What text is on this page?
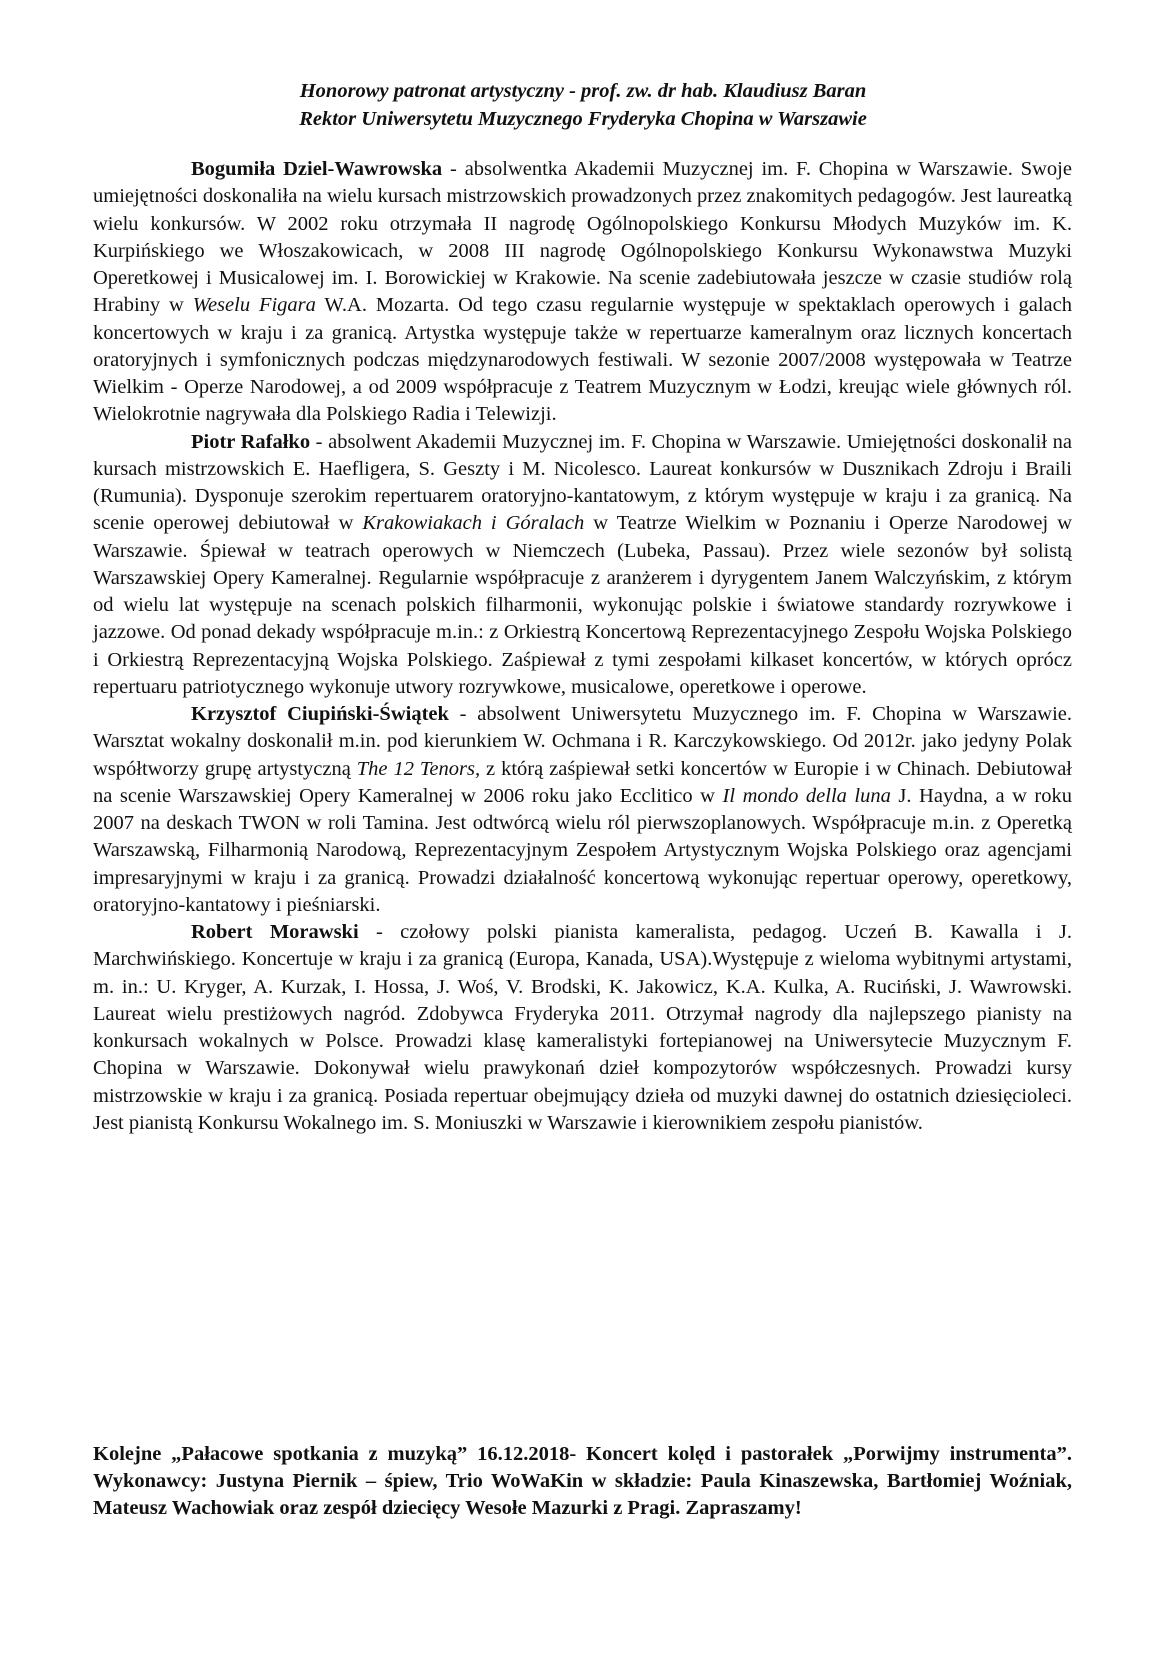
Honorowy patronat artystyczny - prof. zw. dr hab. Klaudiusz Baran
Rektor Uniwersytetu Muzycznego Fryderyka Chopina w Warszawie

Bogumiła Dziel-Wawrowska - absolwentka Akademii Muzycznej im. F. Chopina w Warszawie. Swoje umiejętności doskonaliła na wielu kursach mistrzowskich prowadzonych przez znakomitych pedagogów. Jest laureatką wielu konkursów. W 2002 roku otrzymała II nagrodę Ogólnopolskiego Konkursu Młodych Muzyków im. K. Kurpińskiego we Włoszakowicach, w 2008 III nagrodę Ogólnopolskiego Konkursu Wykonawstwa Muzyki Operetkowej i Musicalowej im. I. Borowickiej w Krakowie. Na scenie zadebiutowała jeszcze w czasie studiów rolą Hrabiny w Weselu Figara W.A. Mozarta. Od tego czasu regularnie występuje w spektaklach operowych i galach koncertowych w kraju i za granicą. Artystka występuje także w repertuarze kameralnym oraz licznych koncertach oratoryjnych i symfonicznych podczas międzynarodowych festiwali. W sezonie 2007/2008 występowała w Teatrze Wielkim - Operze Narodowej, a od 2009 współpracuje z Teatrem Muzycznym w Łodzi, kreując wiele głównych ról. Wielokrotnie nagrywała dla Polskiego Radia i Telewizji.

Piotr Rafałko - absolwent Akademii Muzycznej im. F. Chopina w Warszawie. Umiejętności doskonalił na kursach mistrzowskich E. Haefligera, S. Geszty i M. Nicolesco. Laureat konkursów w Dusznikach Zdroju i Braili (Rumunia). Dysponuje szerokim repertuarem oratoryjno-kantatowym, z którym występuje w kraju i za granicą. Na scenie operowej debiutował w Krakowiakach i Góralach w Teatrze Wielkim w Poznaniu i Operze Narodowej w Warszawie. Śpiewał w teatrach operowych w Niemczech (Lubeka, Passau). Przez wiele sezonów był solistą Warszawskiej Opery Kameralnej. Regularnie współpracuje z aranżerem i dyrygentem Janem Walczyńskim, z którym od wielu lat występuje na scenach polskich filharmonii, wykonując polskie i światowe standardy rozrywkowe i jazzowe. Od ponad dekady współpracuje m.in.: z Orkiestrą Koncertową Reprezentacyjnego Zespołu Wojska Polskiego i Orkiestrą Reprezentacyjną Wojska Polskiego. Zaśpiewał z tymi zespołami kilkaset koncertów, w których oprócz repertuaru patriotycznego wykonuje utwory rozrywkowe, musicalowe, operetkowe i operowe.

Krzysztof Ciupiński-Świątek - absolwent Uniwersytetu Muzycznego im. F. Chopina w Warszawie. Warsztat wokalny doskonalił m.in. pod kierunkiem W. Ochmana i R. Karczykowskiego. Od 2012r. jako jedyny Polak współtworzy grupę artystyczną The 12 Tenors, z którą zaśpiewał setki koncertów w Europie i w Chinach. Debiutował na scenie Warszawskiej Opery Kameralnej w 2006 roku jako Ecclitico w Il mondo della luna J. Haydna, a w roku 2007 na deskach TWON w roli Tamina. Jest odtwórcą wielu ról pierwszoplanowych. Współpracuje m.in. z Operetką Warszawską, Filharmonią Narodową, Reprezentacyjnym Zespołem Artystycznym Wojska Polskiego oraz agencjami impresaryjnymi w kraju i za granicą. Prowadzi działalność koncertową wykonując repertuar operowy, operetkowy, oratoryjno-kantatowy i pieśniarski.

Robert Morawski - czołowy polski pianista kameralista, pedagog. Uczeń B. Kawalla i J. Marchwińskiego. Koncertuje w kraju i za granicą (Europa, Kanada, USA).Występuje z wieloma wybitnymi artystami, m. in.: U. Kryger, A. Kurzak, I. Hossa, J. Woś, V. Brodski, K. Jakowicz, K.A. Kulka, A. Ruciński, J. Wawrowski. Laureat wielu prestiżowych nagród. Zdobywca Fryderyka 2011. Otrzymał nagrody dla najlepszego pianisty na konkursach wokalnych w Polsce. Prowadzi klasę kameralistyki fortepianowej na Uniwersytecie Muzycznym F. Chopina w Warszawie. Dokonywał wielu prawykonań dzieł kompozytorów współczesnych. Prowadzi kursy mistrzowskie w kraju i za granicą. Posiada repertuar obejmujący dzieła od muzyki dawnej do ostatnich dziesięcioleci. Jest pianistą Konkursu Wokalnego im. S. Moniuszki w Warszawie i kierownikiem zespołu pianistów.

Kolejne „Pałacowe spotkania z muzyką” 16.12.2018- Koncert kolęd i pastorałek „Porwijmy instrumenta”. Wykonawcy: Justyna Piernik – śpiew, Trio WoWaKin w składzie: Paula Kinaszewska, Bartłomiej Woźniak, Mateusz Wachowiak oraz zespół dziecięcy Wesołe Mazurki z Pragi. Zapraszamy!
